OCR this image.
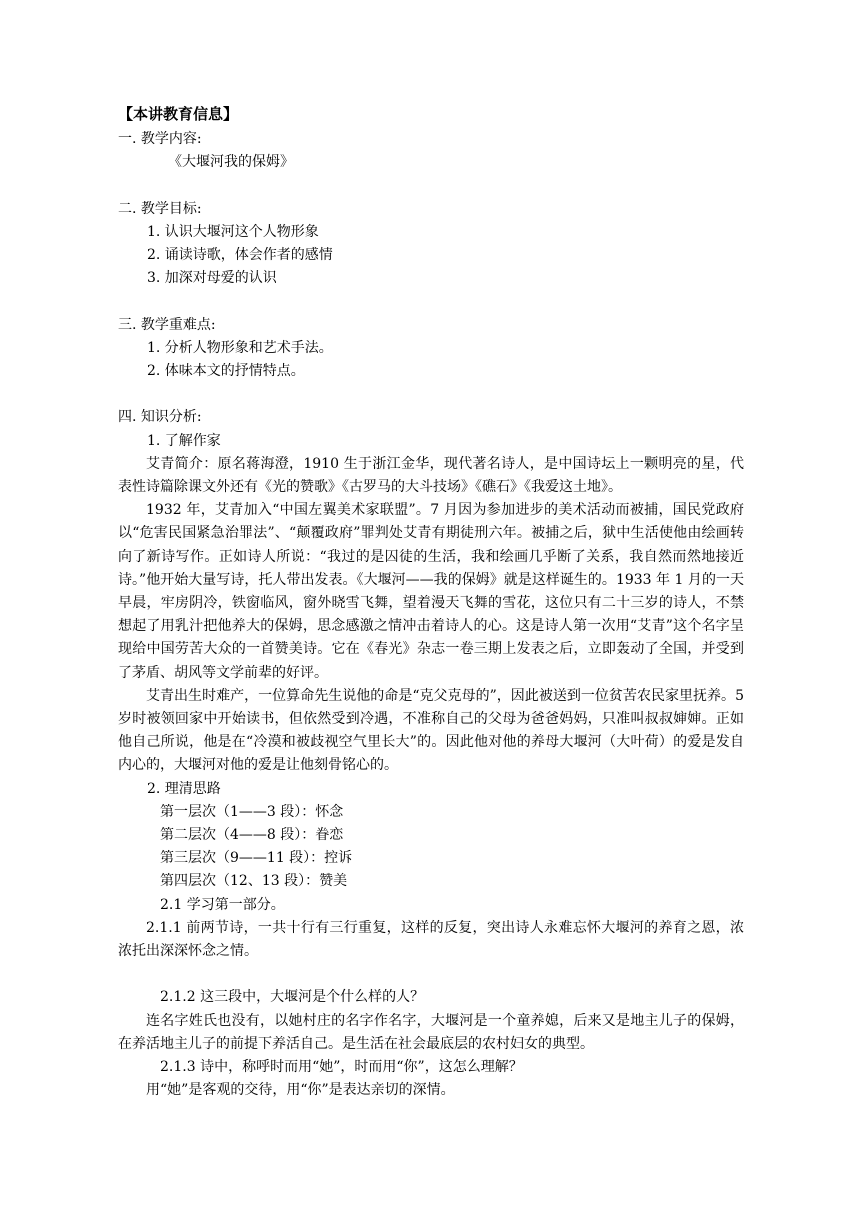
【本讲教育信息】
一. 教学内容:
《大堰河我的保姆》
二. 教学目标:
1. 认识大堰河这个人物形象
2. 诵读诗歌，体会作者的感情
3. 加深对母爱的认识
三. 教学重难点:
1. 分析人物形象和艺术手法。
2. 体味本文的抒情特点。
四. 知识分析:
1. 了解作家
艾青简介：原名蒋海澄，1910 生于浙江金华，现代著名诗人，是中国诗坛上一颗明亮的星，代表性诗篇除课文外还有《光的赞歌》《古罗马的大斗技场》《礁石》《我爱这土地》。
1932 年，艾青加入“中国左翼美术家联盟”。7 月因为参加进步的美术活动而被捕，国民党政府以“危害民国紧急治罪法”、“颠覆政府”罪判处艾青有期徒刑六年。被捕之后，狱中生活使他由绘画转向了新诗写作。正如诗人所说：“我过的是囚徒的生活，我和绘画几乎断了关系，我自然而然地接近诗。”他开始大量写诗，托人带出发表。《大堰河——我的保姆》就是这样诞生的。1933 年 1 月的一天早晨，牢房阴冷，铁窗临风，窗外晓雪飞舞，望着漫天飞舞的雪花，这位只有二十三岁的诗人，不禁想起了用乳汁把他养大的保姆，思念感激之情冲击着诗人的心。这是诗人第一次用“艾青”这个名字呈现给中国劳苦大众的一首赞美诗。它在《春光》杂志一卷三期上发表之后，立即轰动了全国，并受到了茅盾、胡风等文学前辈的好评。
艾青出生时难产，一位算命先生说他的命是“克父克母的”，因此被送到一位贫苦农民家里抚养。5 岁时被领回家中开始读书，但依然受到冷遇，不准称自己的父母为爸爸妈妈，只准叫叔叔婶婶。正如他自己所说，他是在“冷漠和被歧视空气里长大”的。因此他对他的养母大堰河（大叶荷）的爱是发自内心的，大堰河对他的爱是让他刻骨铭心的。
2. 理清思路
第一层次（1——3 段）：怀念
第二层次（4——8 段）：眷恋
第三层次（9——11 段）：控诉
第四层次（12、13 段）：赞美
2.1 学习第一部分。
2.1.1 前两节诗，一共十行有三行重复，这样的反复，突出诗人永难忘怀大堰河的养育之恩，浓浓托出深深怀念之情。
2.1.2 这三段中，大堰河是个什么样的人？
连名字姓氏也没有，以她村庄的名字作名字，大堰河是一个童养媳，后来又是地主儿子的保姆，在养活地主儿子的前提下养活自己。是生活在社会最底层的农村妇女的典型。
2.1.3 诗中，称呼时而用“她”，时而用“你”，这怎么理解？
用“她”是客观的交待，用“你”是表达亲切的深情。
